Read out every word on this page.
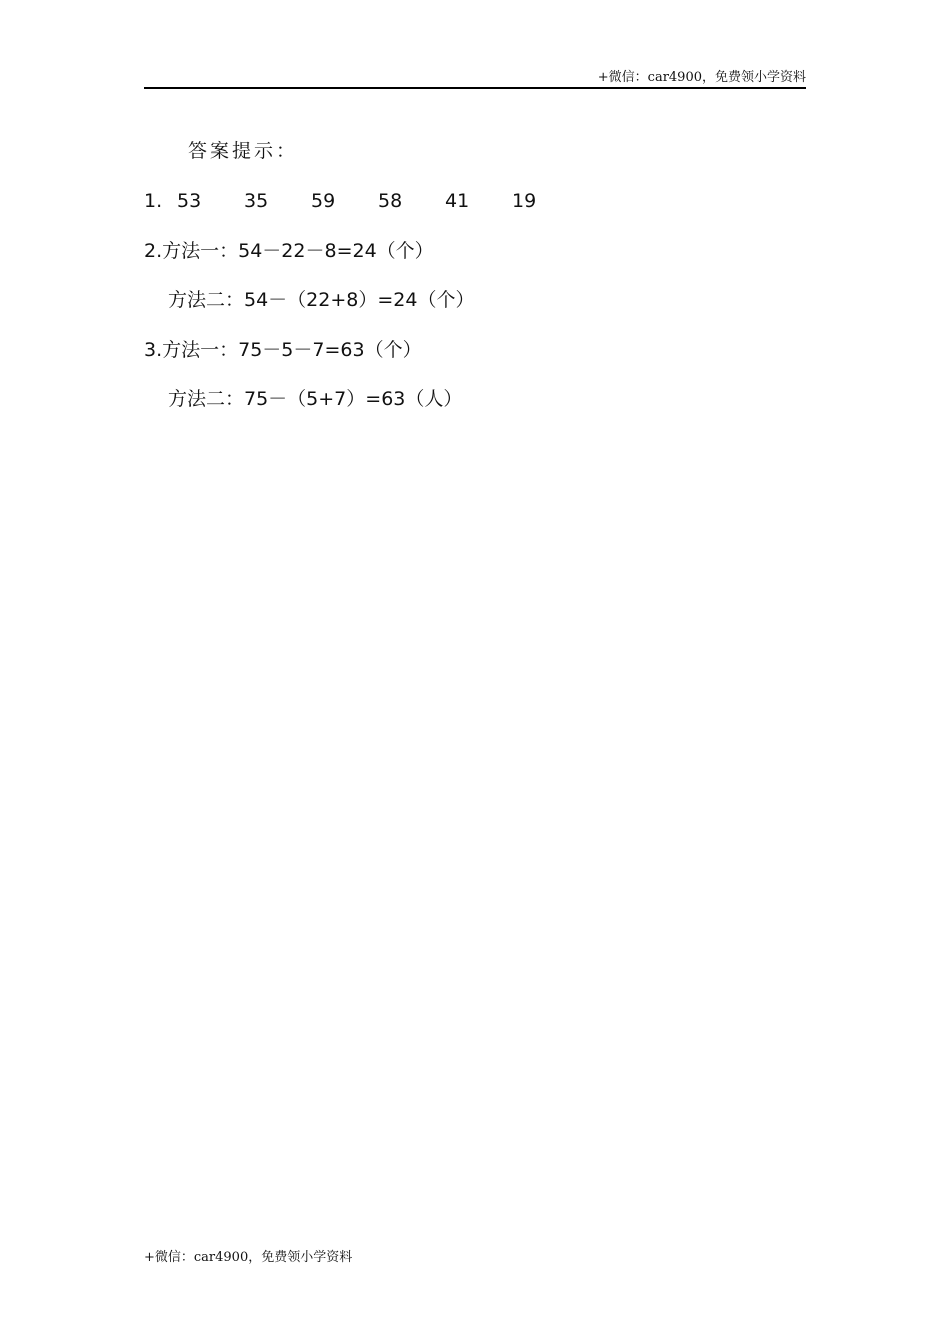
+微信：car4900，免费领小学资料
答案提示：
1. 53 35 59 58 41 19
2.方法一：54－22－8=24（个）
方法二：54－（22+8）=24（个）
3.方法一：75－5－7=63（个）
方法二：75－（5+7）=63（人）
+微信：car4900，免费领小学资料
